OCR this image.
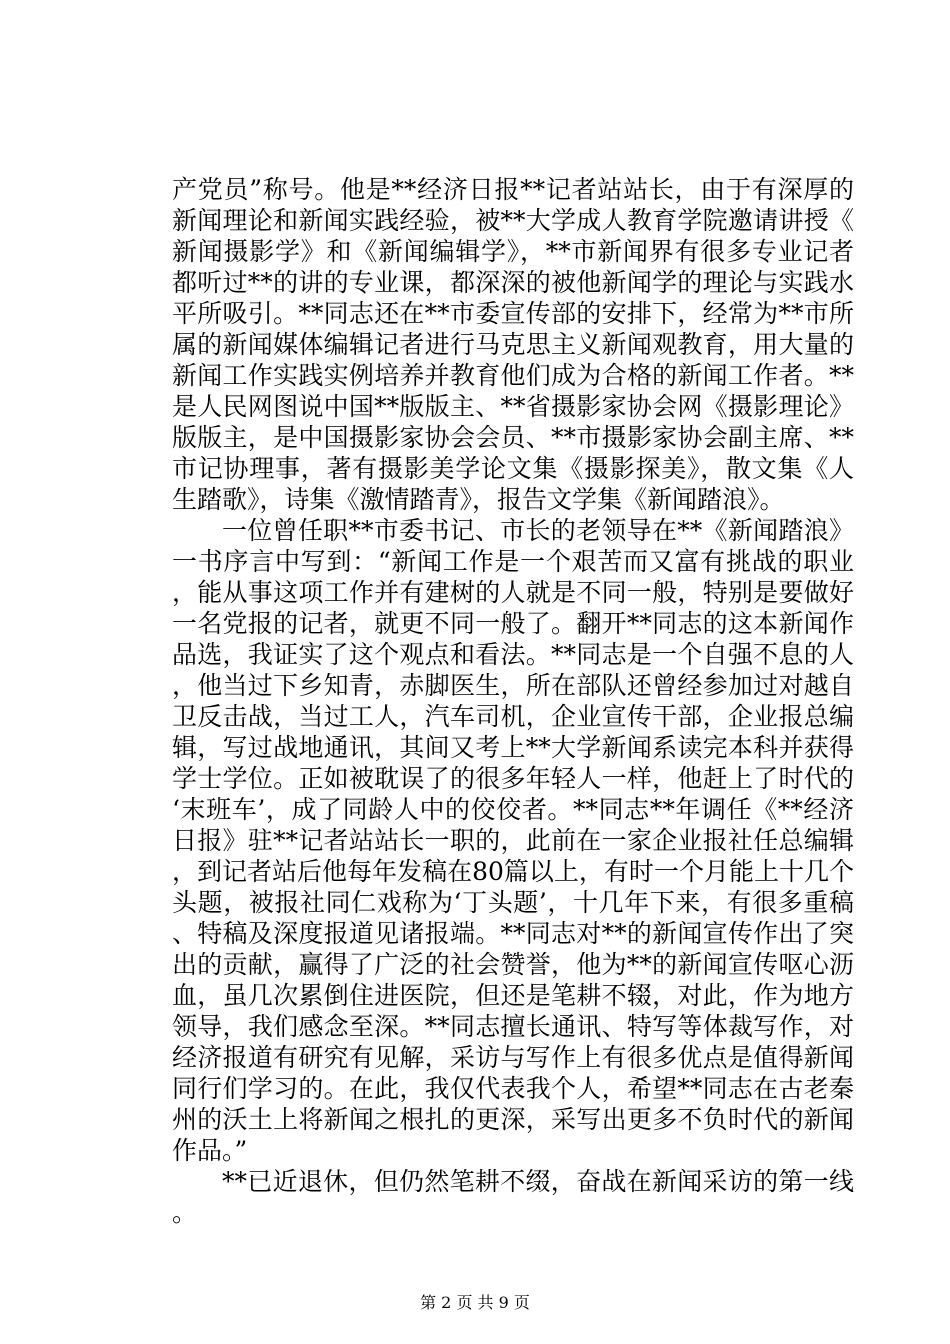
产党员”称号。他是**经济日报**记者站站长，由于有深厚的新闻理论和新闻实践经验，被**大学成人教育学院邀请讲授《新闻摄影学》和《新闻编辑学》，**市新闻界有很多专业记者都听过**的讲的专业课，都深深的被他新闻学的理论与实践水平所吸引。**同志还在**市委宣传部的安排下，经常为**市所属的新闻媒体编辑记者进行马克思主义新闻观教育，用大量的新闻工作实践实例培养并教育他们成为合格的新闻工作者。**是人民网图说中国**版版主、**省摄影家协会网《摄影理论》版版主，是中国摄影家协会会员、**市摄影家协会副主席、**市记协理事，著有摄影美学论文集《摄影探美》，散文集《人生踏歌》，诗集《激情踏青》，报告文学集《新闻踏浪》。

一位曾任职**市委书记、市长的老领导在**《新闻踏浪》一书序言中写到：“新闻工作是一个艰苦而又富有挑战的职业，能从事这项工作并有建树的人就是不同一般，特别是要做好一名党报的记者，就更不同一般了。翻开**同志的这本新闻作品选，我证实了这个观点和看法。**同志是一个自强不息的人，他当过下乡知青，赤脚医生，所在部队还曾经参加过对越自卫反击战，当过工人，汽车司机，企业宣传干部，企业报总编辑，写过战地通讯，其间又考上**大学新闻系读完本科并获得学士学位。正如被耽误了的很多年轻人一样，他赶上了时代的‘末班车’，成了同龄人中的佼佼者。**同志**年调任《**经济日报》驻**记者站站长一职的，此前在一家企业报社任总编辑，到记者站后他每年发稿在80篇以上，有时一个月能上十几个头题，被报社同仁戏称为‘丁头题’，十几年下来，有很多重稿、特稿及深度报道见诸报端。**同志对**的新闻宣传作出了突出的贡献，赢得了广泛的社会赞誉，他为**的新闻宣传呕心沥血，虽几次累倒住进医院，但还是笔耕不辍，对此，作为地方领导，我们感念至深。**同志擅长通讯、特写等体裁写作，对经济报道有研究有见解，采访与写作上有很多优点是值得新闻同行们学习的。在此，我仅代表我个人，希望**同志在古老秦州的沃土上将新闻之根扎的更深，采写出更多不负时代的新闻作品。”

**已近退休，但仍然笔耕不缀，奋战在新闻采访的第一线。

第 2 页 共 9 页
